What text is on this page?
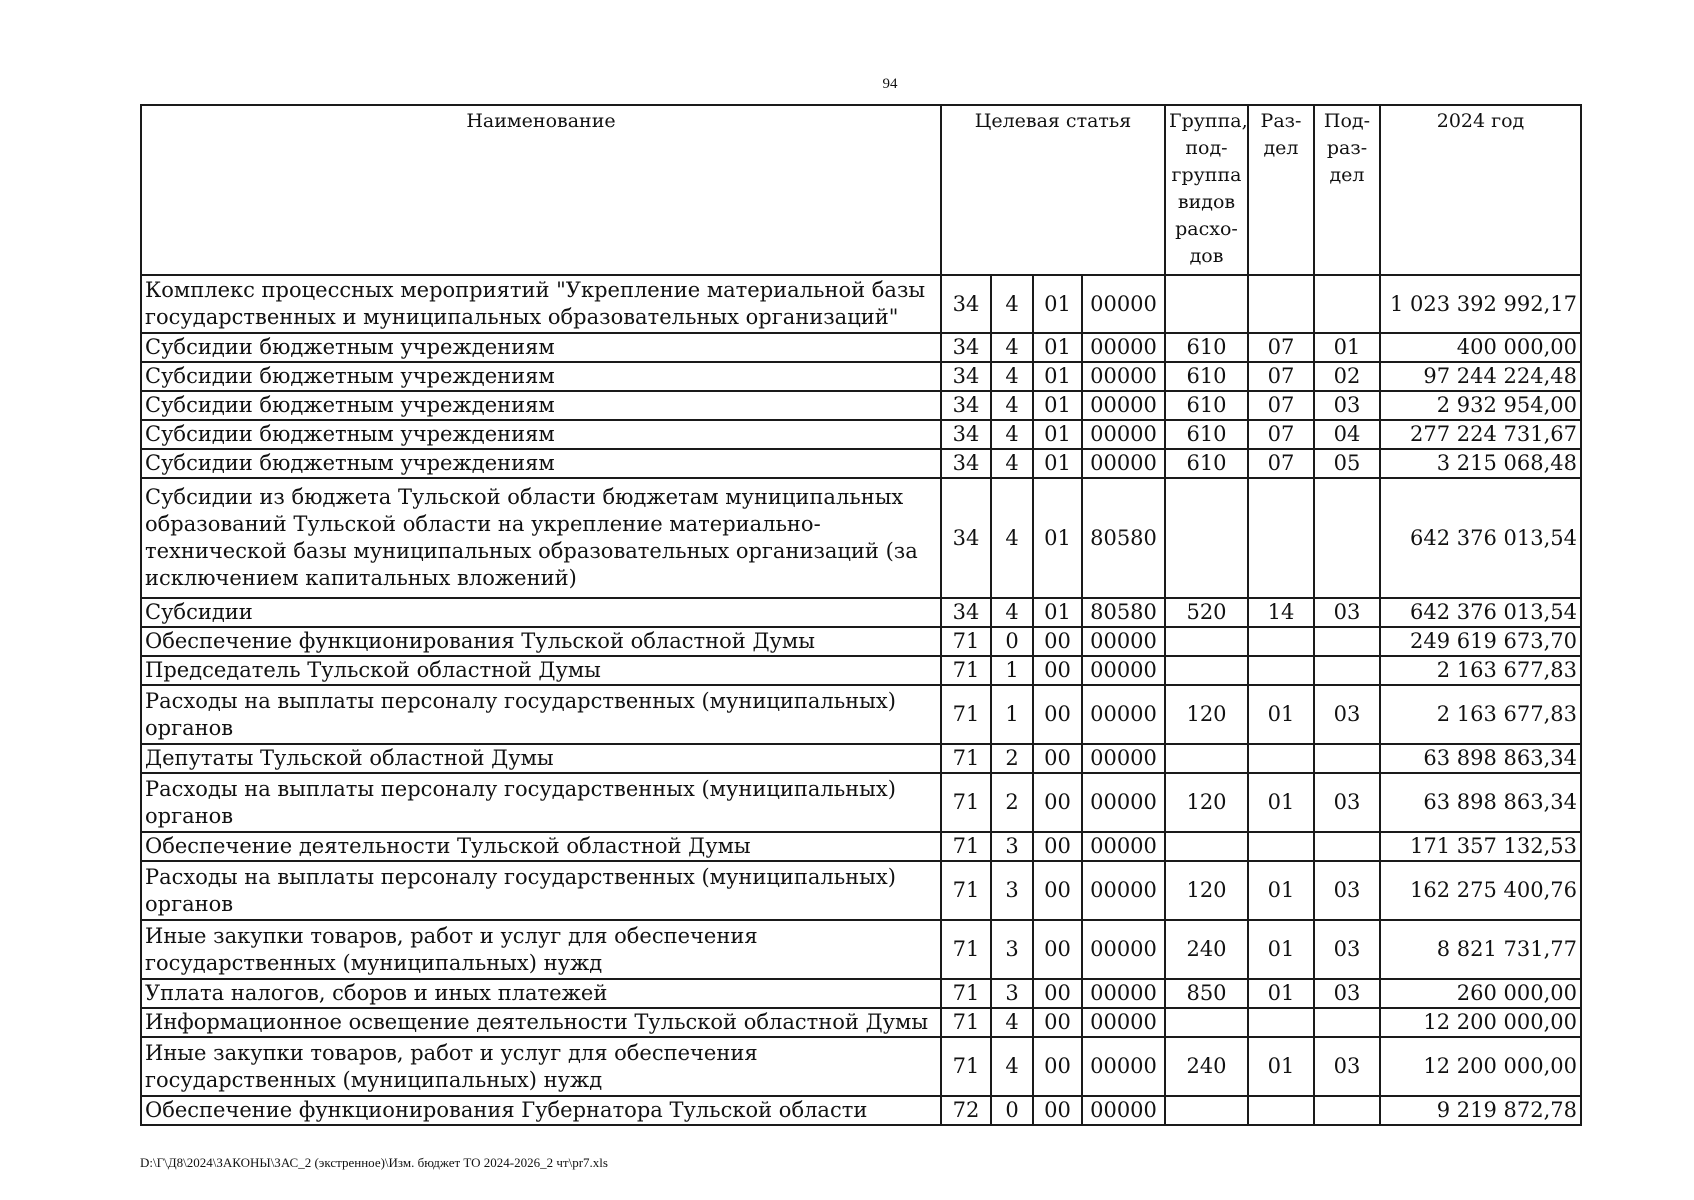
94
Наименование	Целевая статья				Группа, под- группа видов расхо- дов	Раз- дел	Под- раз- дел	2024 год
Комплекс процессных мероприятий "Укрепление материальной базы государственных и муниципальных образовательных организаций"	34	4	01	00000				1 023 392 992,17
Субсидии бюджетным учреждениям	34	4	01	00000	610	07	01	400 000,00
Субсидии бюджетным учреждениям	34	4	01	00000	610	07	02	97 244 224,48
Субсидии бюджетным учреждениям	34	4	01	00000	610	07	03	2 932 954,00
Субсидии бюджетным учреждениям	34	4	01	00000	610	07	04	277 224 731,67
Субсидии бюджетным учреждениям	34	4	01	00000	610	07	05	3 215 068,48
Субсидии из бюджета Тульской области бюджетам муниципальных образований Тульской области на укрепление материально-технической базы муниципальных образовательных организаций (за исключением капитальных вложений)	34	4	01	80580				642 376 013,54
Субсидии	34	4	01	80580	520	14	03	642 376 013,54
Обеспечение функционирования Тульской областной Думы	71	0	00	00000				249 619 673,70
Председатель Тульской областной Думы	71	1	00	00000				2 163 677,83
Расходы на выплаты персоналу государственных (муниципальных) органов	71	1	00	00000	120	01	03	2 163 677,83
Депутаты Тульской областной Думы	71	2	00	00000				63 898 863,34
Расходы на выплаты персоналу государственных (муниципальных) органов	71	2	00	00000	120	01	03	63 898 863,34
Обеспечение деятельности Тульской областной Думы	71	3	00	00000				171 357 132,53
Расходы на выплаты персоналу государственных (муниципальных) органов	71	3	00	00000	120	01	03	162 275 400,76
Иные закупки товаров, работ и услуг для обеспечения государственных (муниципальных) нужд	71	3	00	00000	240	01	03	8 821 731,77
Уплата налогов, сборов и иных платежей	71	3	00	00000	850	01	03	260 000,00
Информационное освещение деятельности Тульской областной Думы	71	4	00	00000				12 200 000,00
Иные закупки товаров, работ и услуг для обеспечения государственных (муниципальных) нужд	71	4	00	00000	240	01	03	12 200 000,00
Обеспечение функционирования Губернатора Тульской области	72	0	00	00000				9 219 872,78
D:\Г\Д8\2024\ЗАКОНЫ\ЗАС_2 (экстренное)\Изм. бюджет ТО 2024-2026_2 чт\pr7.xls
